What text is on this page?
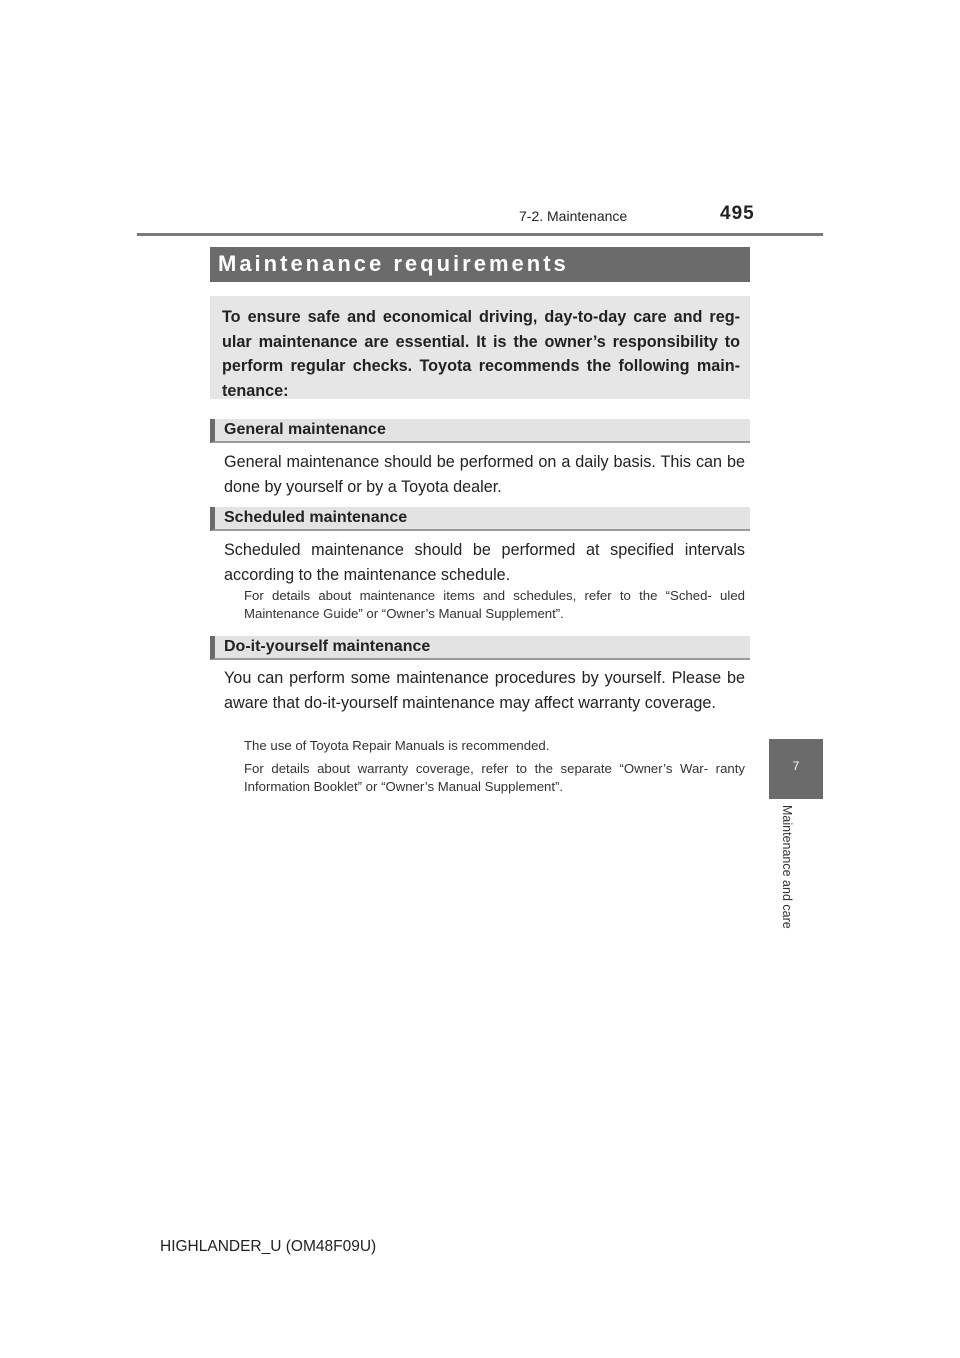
7-2. Maintenance	495
Maintenance requirements
To ensure safe and economical driving, day-to-day care and reg- ular maintenance are essential. It is the owner’s responsibility to perform regular checks. Toyota recommends the following main- tenance:
General maintenance
General maintenance should be performed on a daily basis. This can be done by yourself or by a Toyota dealer.
Scheduled maintenance
Scheduled maintenance should be performed at specified intervals according to the maintenance schedule.
For details about maintenance items and schedules, refer to the “Sched- uled Maintenance Guide” or “Owner’s Manual Supplement”.
Do-it-yourself maintenance
You can perform some maintenance procedures by yourself. Please be aware that do-it-yourself maintenance may affect warranty coverage.
The use of Toyota Repair Manuals is recommended.
For details about warranty coverage, refer to the separate “Owner’s War- ranty Information Booklet” or “Owner’s Manual Supplement”.
7
Maintenance and care
HIGHLANDER_U (OM48F09U)
